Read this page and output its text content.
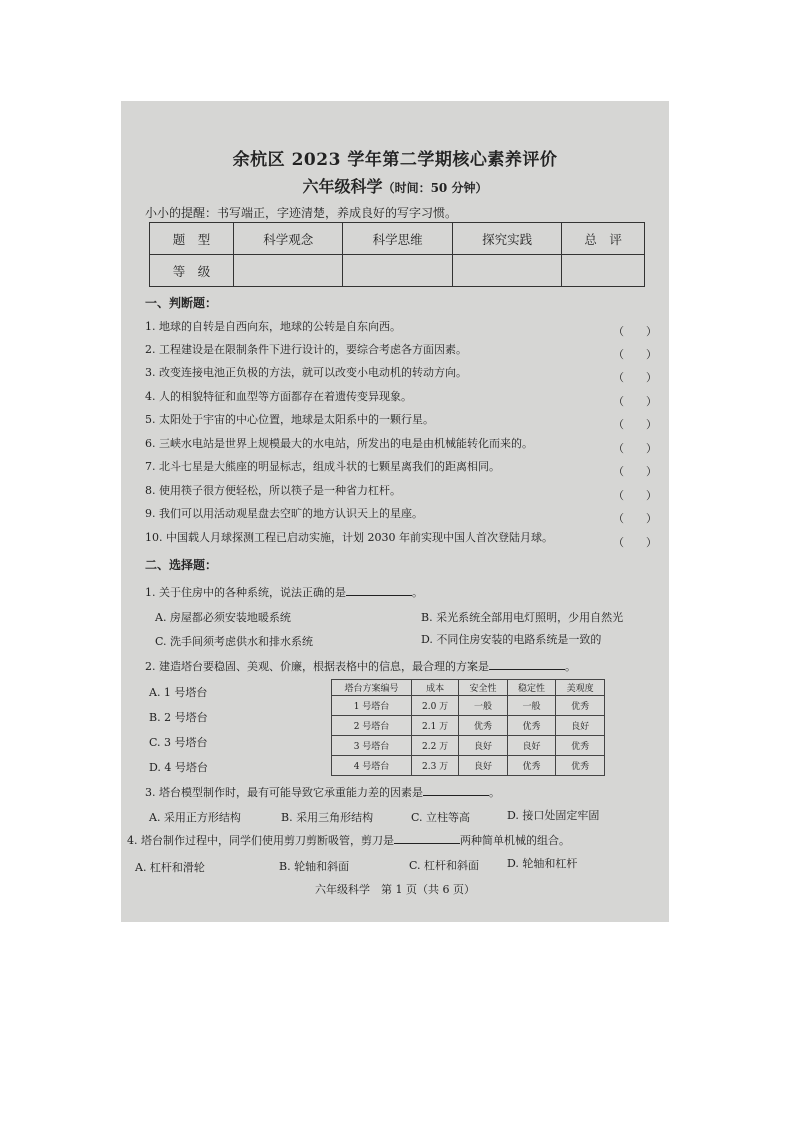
余杭区 2023 学年第二学期核心素养评价
六年级科学（时间：50 分钟）
小小的提醒：书写端正，字迹清楚，养成良好的写字习惯。
题　型	科学观念	科学思维	探究实践	总　评
等　级				
一、判断题：
1. 地球的自转是自西向东，地球的公转是自东向西。	（　　）
2. 工程建设是在限制条件下进行设计的，要综合考虑各方面因素。	（　　）
3. 改变连接电池正负极的方法，就可以改变小电动机的转动方向。	（　　）
4. 人的相貌特征和血型等方面都存在着遗传变异现象。	（　　）
5. 太阳处于宇宙的中心位置，地球是太阳系中的一颗行星。	（　　）
6. 三峡水电站是世界上规模最大的水电站，所发出的电是由机械能转化而来的。	（　　）
7. 北斗七星是大熊座的明显标志，组成斗状的七颗星离我们的距离相同。	（　　）
8. 使用筷子很方便轻松，所以筷子是一种省力杠杆。	（　　）
9. 我们可以用活动观星盘去空旷的地方认识天上的星座。	（　　）
10. 中国载人月球探测工程已启动实施，计划 2030 年前实现中国人首次登陆月球。	（　　）
二、选择题：
1. 关于住房中的各种系统，说法正确的是	。
A. 房屋都必须安装地暖系统	B. 采光系统全部用电灯照明，少用自然光
C. 洗手间须考虑供水和排水系统	D. 不同住房安装的电路系统是一致的
2. 建造塔台要稳固、美观、价廉，根据表格中的信息，最合理的方案是	。
A. 1 号塔台
B. 2 号塔台
C. 3 号塔台
D. 4 号塔台
塔台方案编号	成本	安全性	稳定性	美观度
1 号塔台	2.0 万	一般	一般	优秀
2 号塔台	2.1 万	优秀	优秀	良好
3 号塔台	2.2 万	良好	良好	优秀
4 号塔台	2.3 万	良好	优秀	优秀
3. 塔台模型制作时，最有可能导致它承重能力差的因素是	。
A. 采用正方形结构	B. 采用三角形结构	C. 立柱等高	D. 接口处固定牢固
4. 塔台制作过程中，同学们使用剪刀剪断吸管，剪刀是	两种简单机械的组合。
A. 杠杆和滑轮	B. 轮轴和斜面	C. 杠杆和斜面	D. 轮轴和杠杆
六年级科学　第 1 页（共 6 页）
